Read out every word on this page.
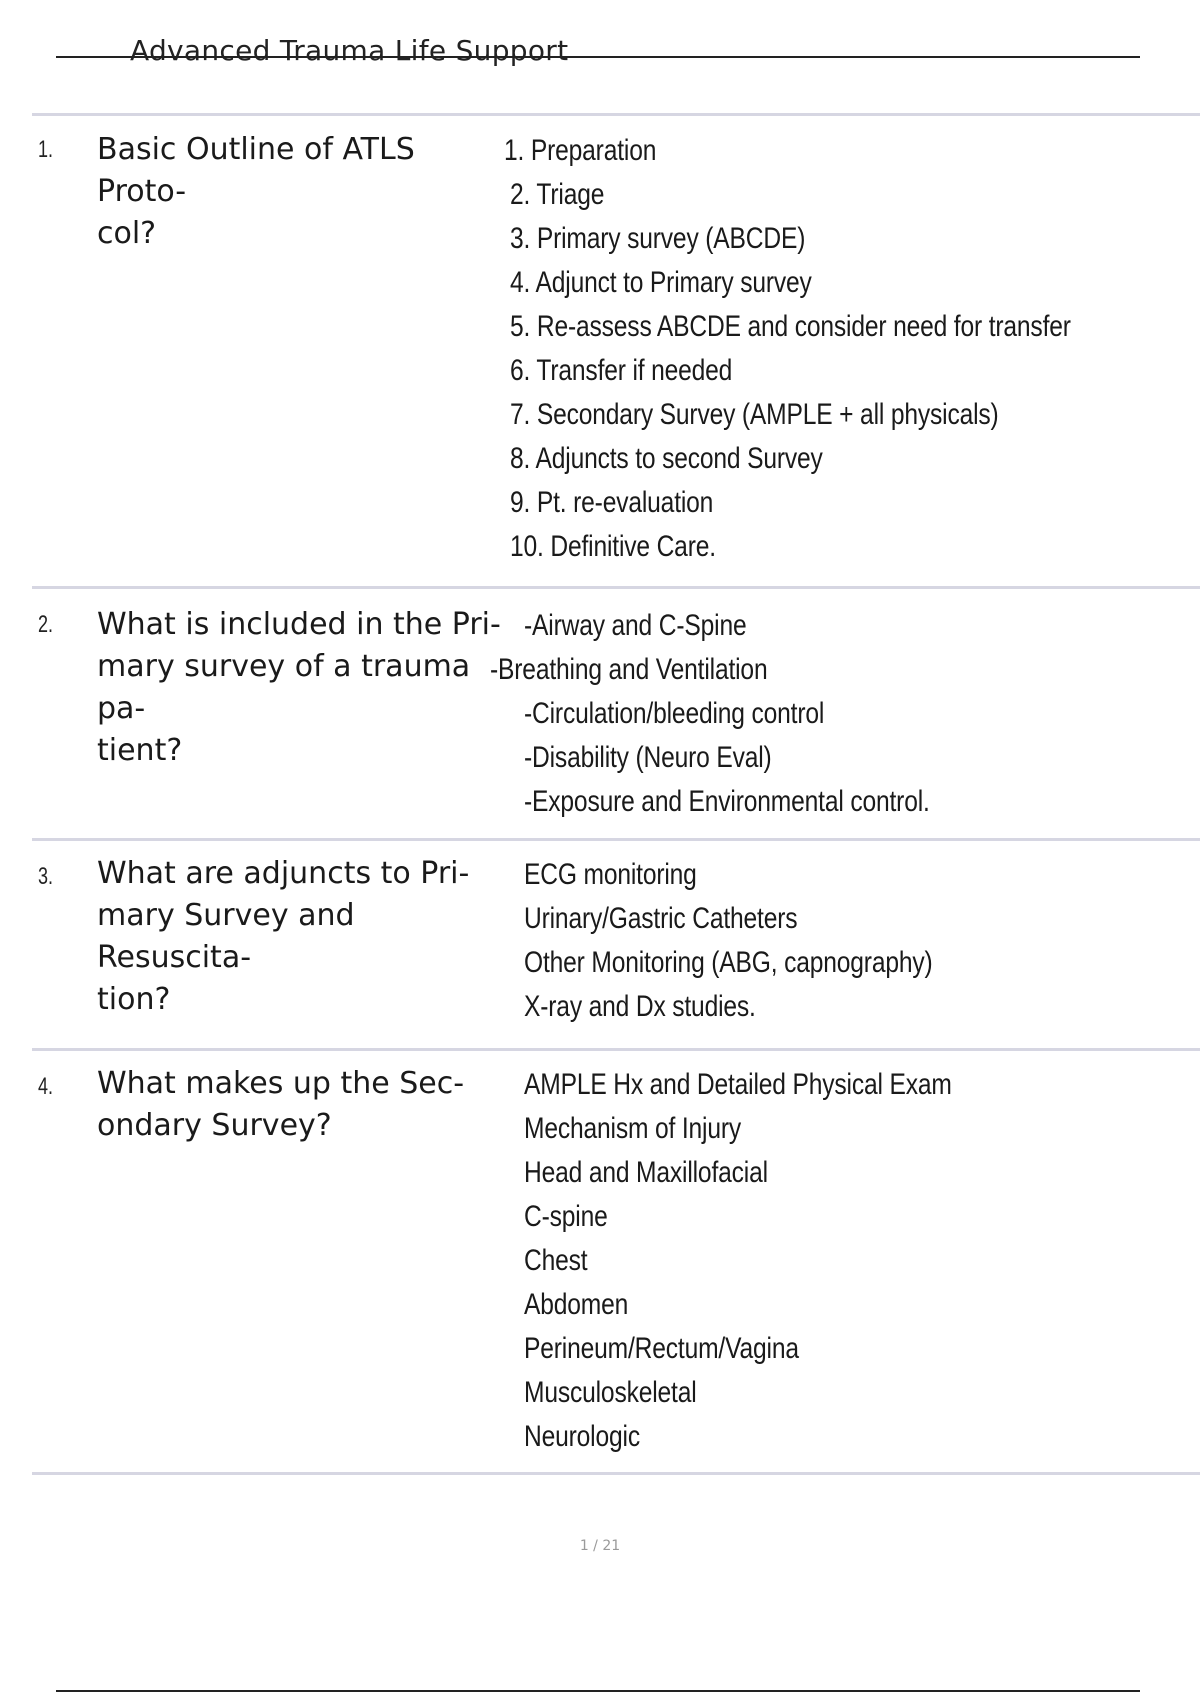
Advanced Trauma Life Support
1. Basic Outline of ATLS Proto-
col?
1. Preparation
2. Triage
3. Primary survey (ABCDE)
4. Adjunct to Primary survey
5. Re-assess ABCDE and consider need for transfer
6. Transfer if needed
7. Secondary Survey (AMPLE + all physicals)
8. Adjuncts to second Survey
9. Pt. re-evaluation
10. Definitive Care.
2. What is included in the Pri-
mary survey of a trauma pa-
tient?
-Airway and C-Spine
-Breathing and Ventilation
-Circulation/bleeding control
-Disability (Neuro Eval)
-Exposure and Environmental control.
3. What are adjuncts to Pri-
mary Survey and Resuscita-
tion?
ECG monitoring
Urinary/Gastric Catheters
Other Monitoring (ABG, capnography)
X-ray and Dx studies.
4. What makes up the Sec-
ondary Survey?
AMPLE Hx and Detailed Physical Exam
Mechanism of Injury
Head and Maxillofacial
C-spine
Chest
Abdomen
Perineum/Rectum/Vagina
Musculoskeletal
Neurologic
1 / 21
